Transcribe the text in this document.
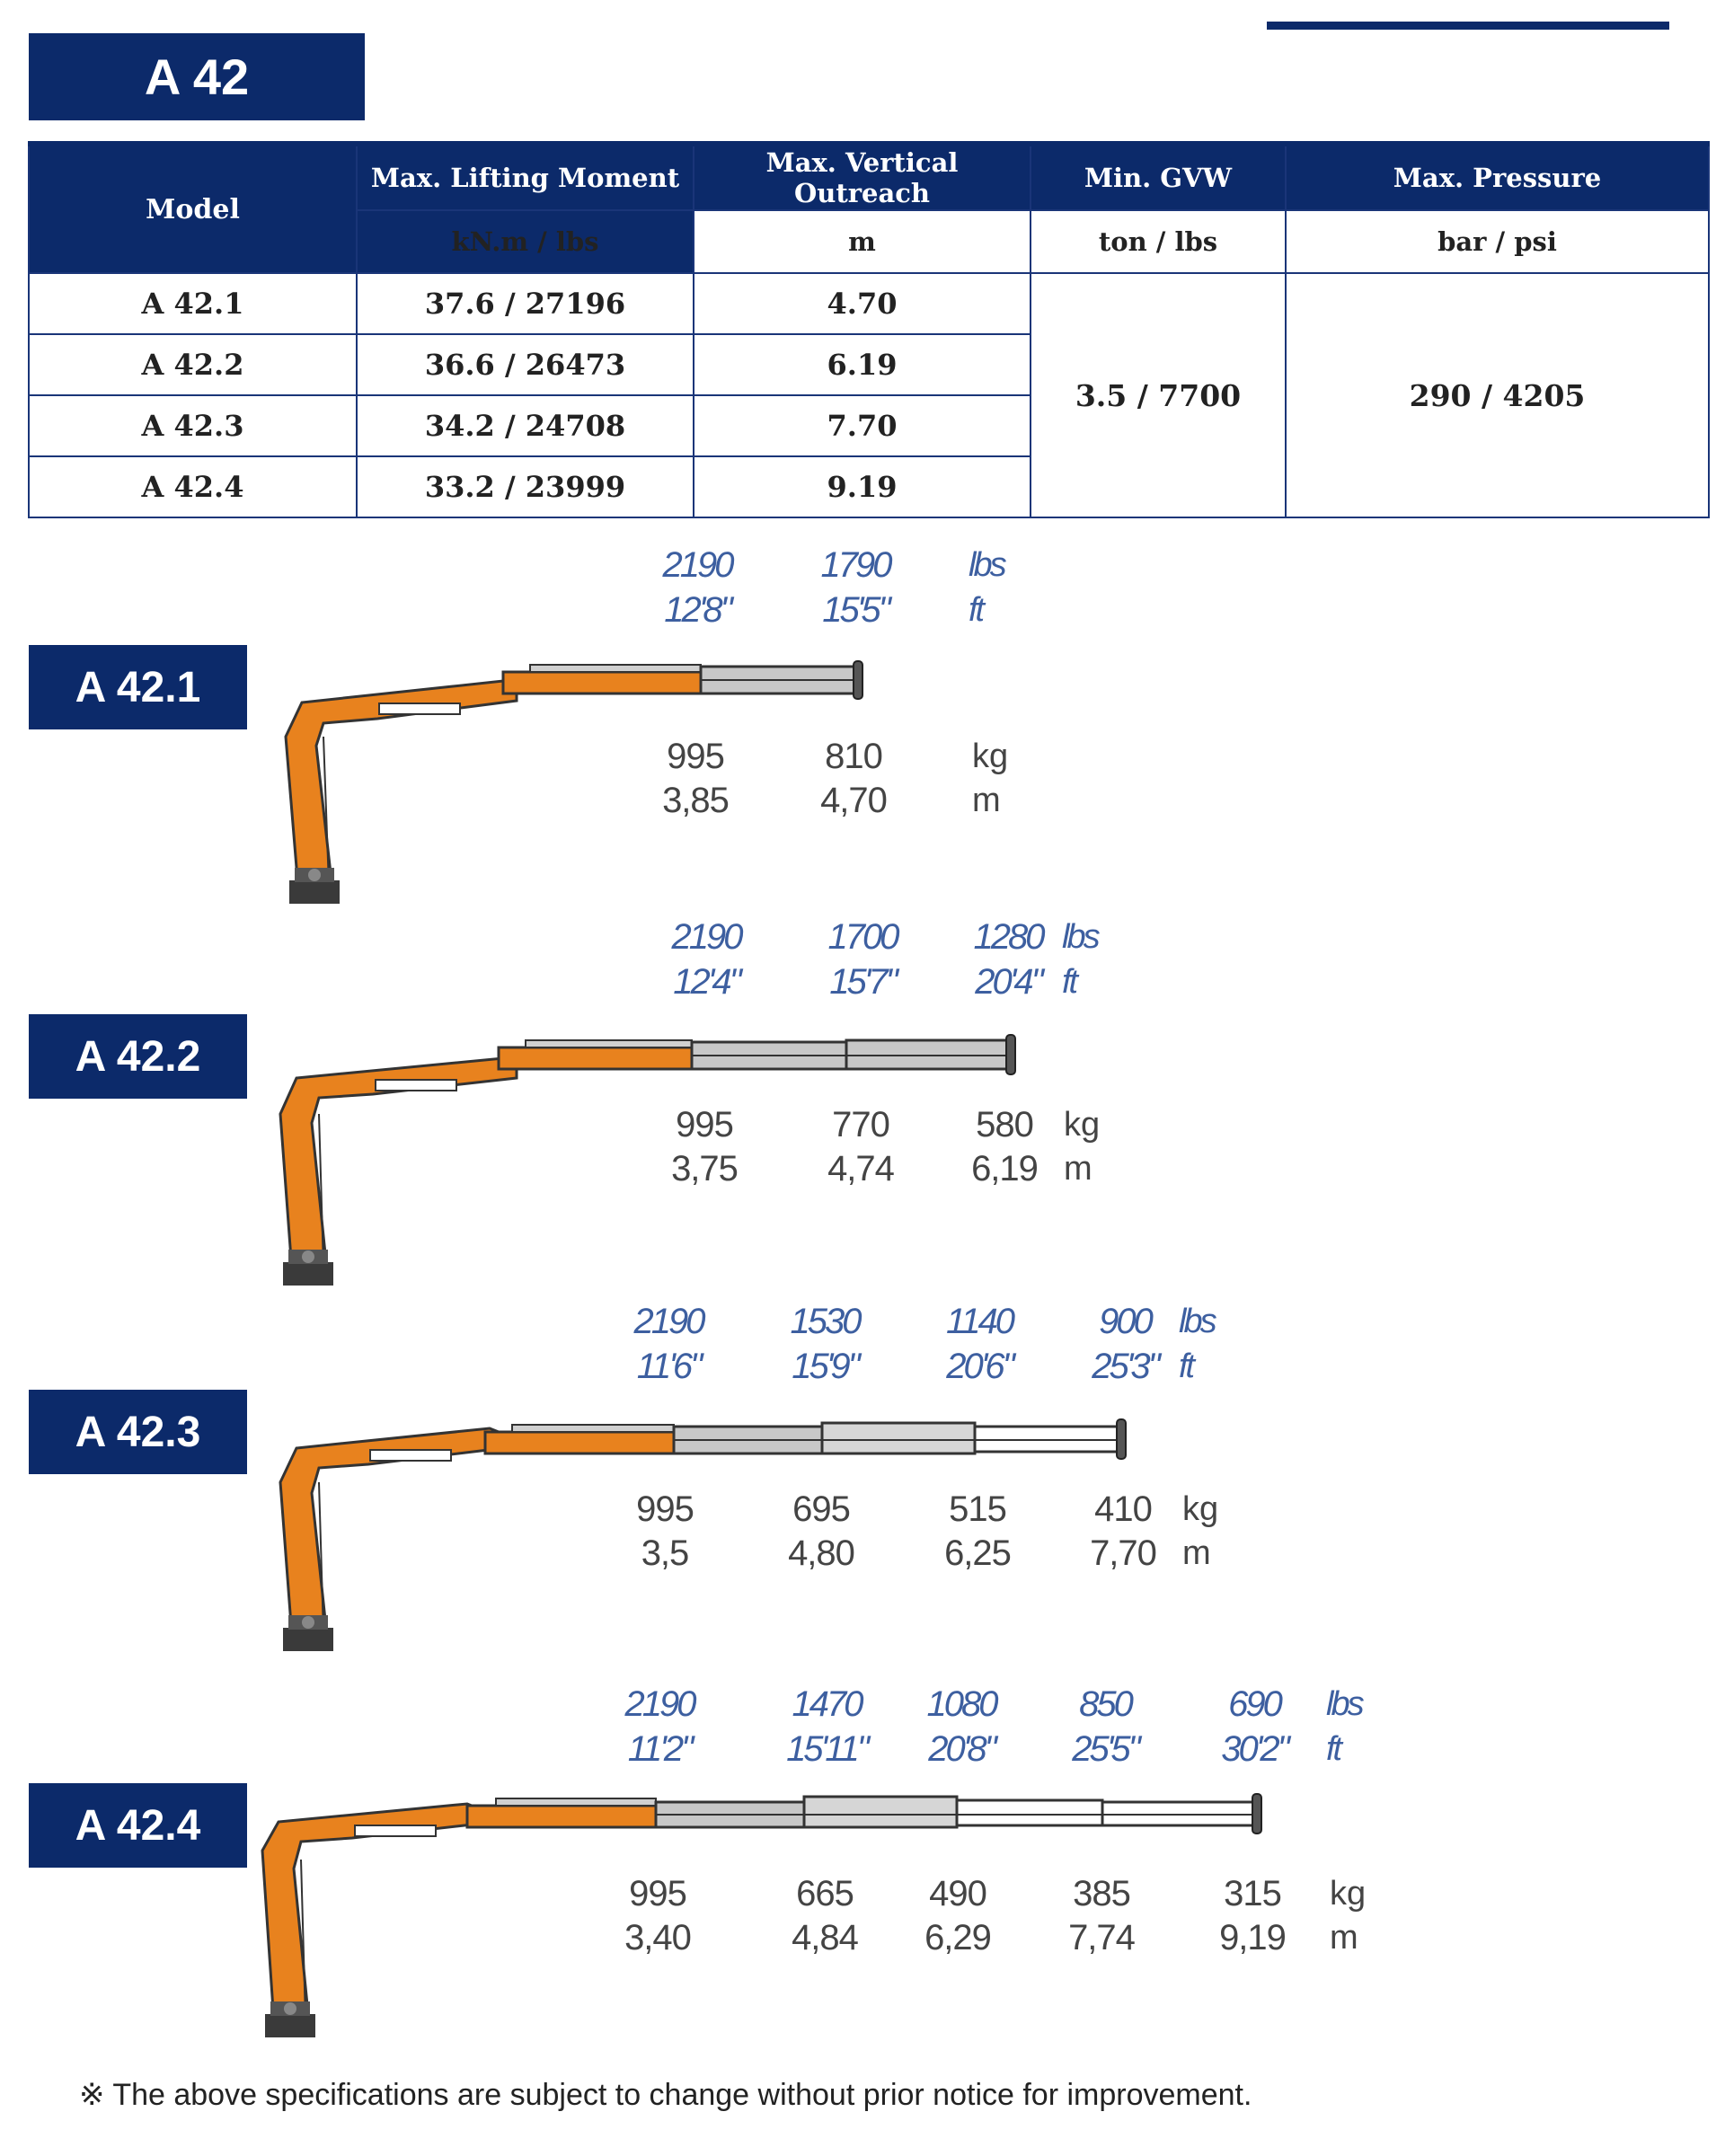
A 42
Model	Max. Lifting Moment	Max. Vertical Outreach	Min. GVW	Max. Pressure
	kN.m / lbs	m	ton / lbs	bar / psi
A 42.1	37.6 / 27196	4.70	3.5 / 7700	290 / 4205
A 42.2	36.6 / 26473	6.19		
A 42.3	34.2 / 24708	7.70		
A 42.4	33.2 / 23999	9.19		
A 42.1
A 42.2
A 42.3
A 42.4
2190
12'8"
1790
15'5"
lbs
ft
995
3,85
810
4,70
kg
m
2190
12'4"
1700
15'7"
1280
20'4"
lbs
ft
995
3,75
770
4,74
580
6,19
kg
m
2190
11'6"
1530
15'9"
1140
20'6"
900
25'3"
lbs
ft
995
3,5
695
4,80
515
6,25
410
7,70
kg
m
2190
11'2"
1470
15'11"
1080
20'8"
850
25'5"
690
30'2"
lbs
ft
995
3,40
665
4,84
490
6,29
385
7,74
315
9,19
kg
m
※ The above specifications are subject to change without prior notice for improvement.
